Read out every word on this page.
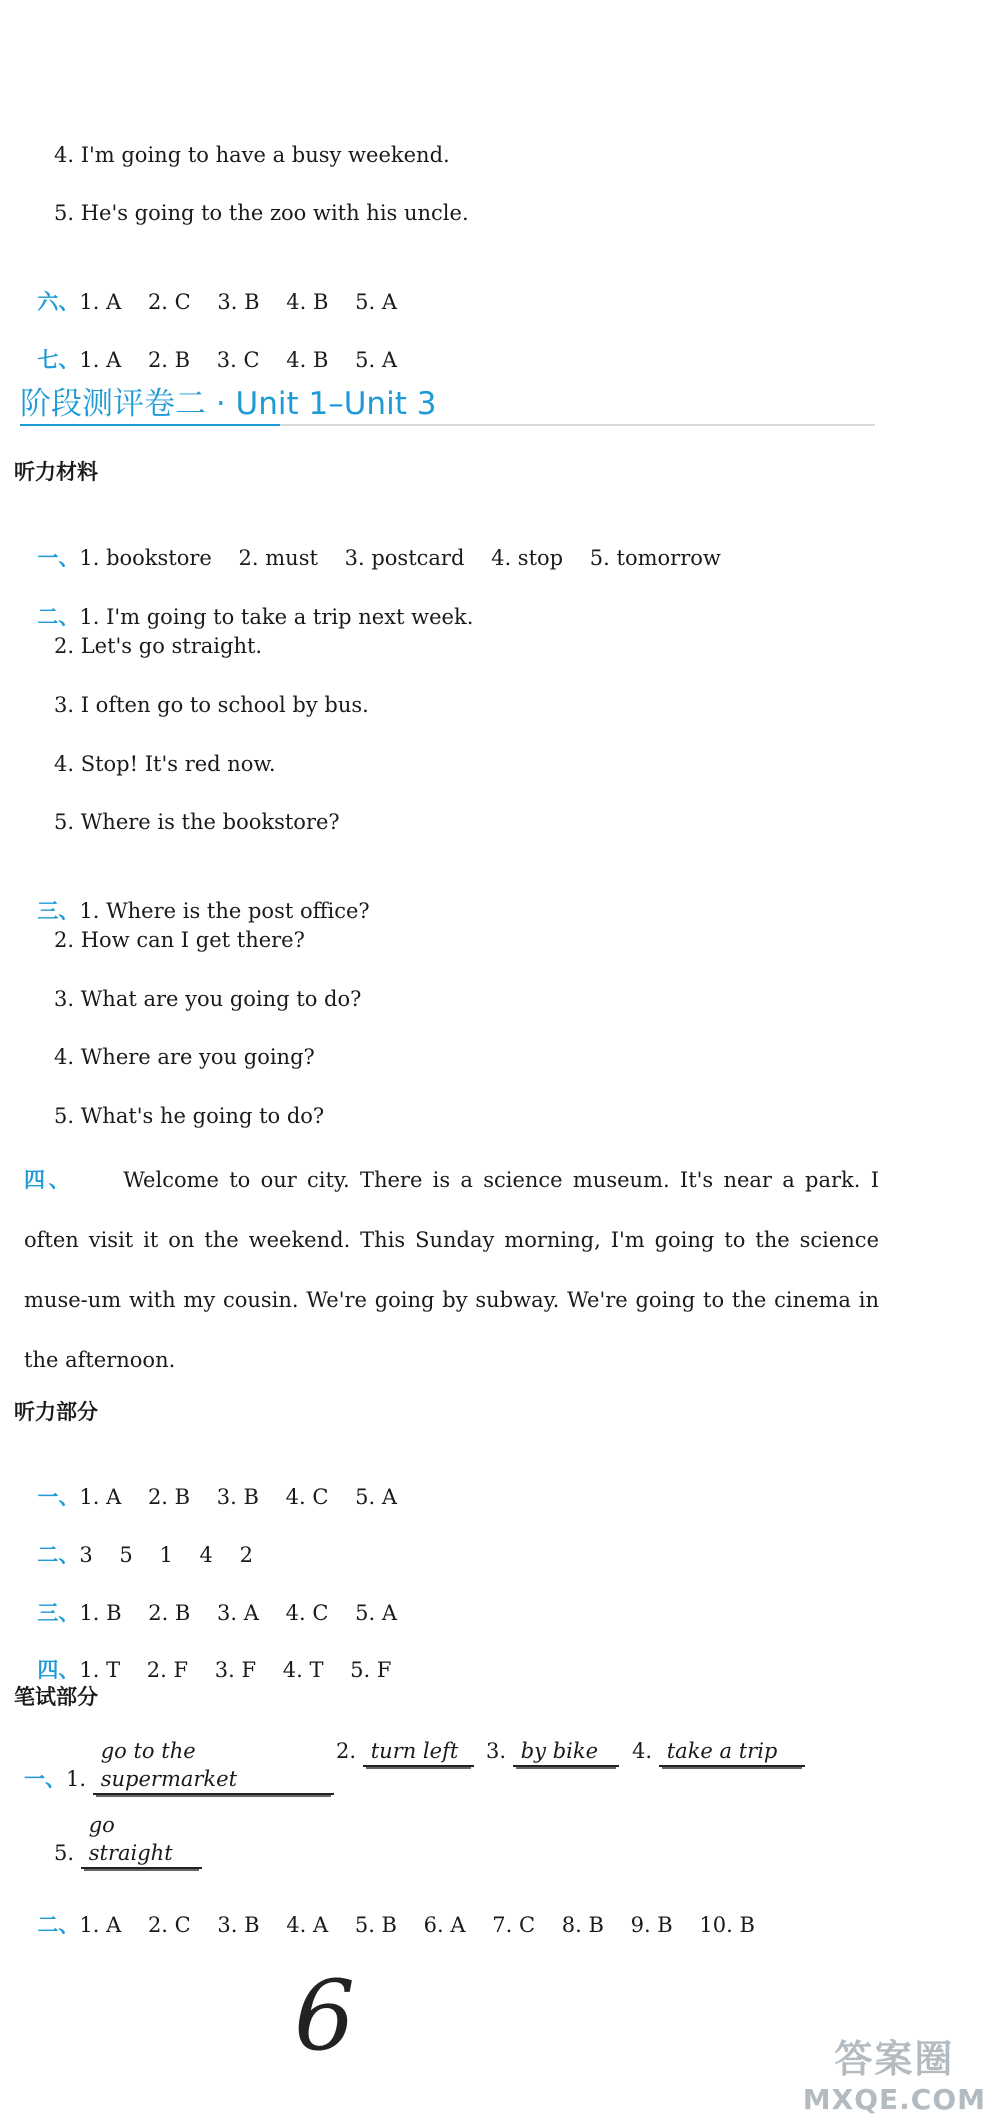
4. I'm going to have a busy weekend.
5. He's going to the zoo with his uncle.

六、1. A    2. C    3. B    4. B    5. A

七、1. A    2. B    3. C    4. B    5. A

阶段测评卷二 · Unit 1–Unit 3
听力材料

一、1. bookstore    2. must    3. postcard    4. stop    5. tomorrow

二、1. I'm going to take a trip next week.

2. Let's go straight.
3. I often go to school by bus.
4. Stop! It's red now.
5. Where is the bookstore?

三、1. Where is the post office?

2. How can I get there?
3. What are you going to do?
4. Where are you going?
5. What's he going to do?
四、 Welcome to our city. There is a science museum. It's near a park. I often visit it on the weekend. This Sunday morning, I'm going to the science muse-um with my cousin. We're going by subway. We're going to the cinema in the afternoon.
听力部分

一、1. A    2. B    3. B    4. C    5. A

二、3    5    1    4    2

三、1. B    2. B    3. A    4. C    5. A

四、1. T    2. F    3. F    4. T    5. F

笔试部分
一、1. go to the supermarket
2. turn left	3. by bike	4. take a trip
5. go straight

二、1. A    2. C    3. B    4. A    5. B    6. A    7. C    8. B    9. B    10. B

6	答案圈
MXQE.COM
